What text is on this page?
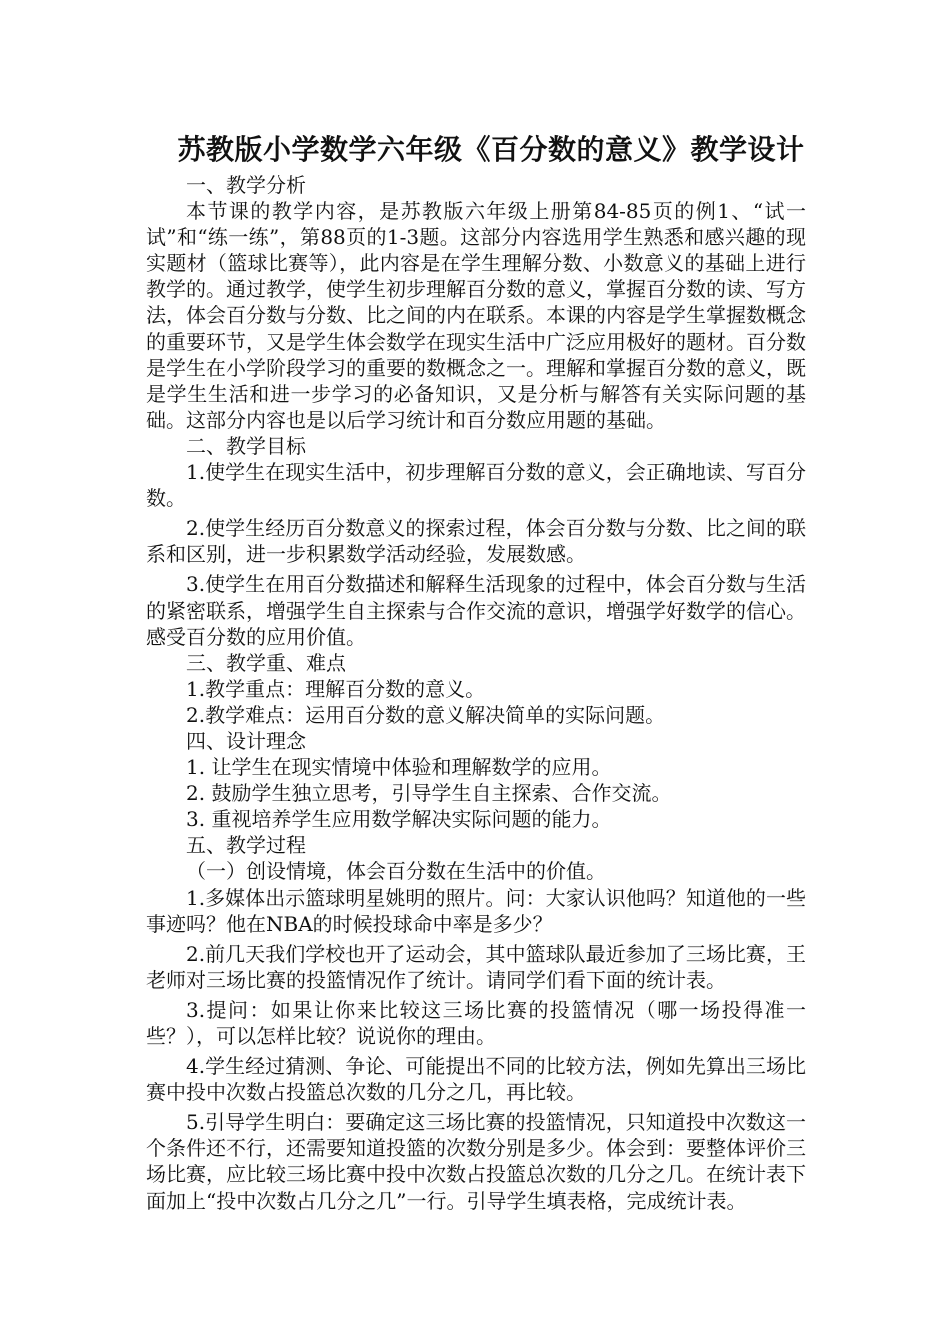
苏教版小学数学六年级《百分数的意义》教学设计

一、教学分析

本节课的教学内容，是苏教版六年级上册第84-85页的例1、“试一试”和“练一练”，第88页的1-3题。这部分内容选用学生熟悉和感兴趣的现实题材（篮球比赛等），此内容是在学生理解分数、小数意义的基础上进行教学的。通过教学，使学生初步理解百分数的意义，掌握百分数的读、写方法，体会百分数与分数、比之间的内在联系。本课的内容是学生掌握数概念的重要环节，又是学生体会数学在现实生活中广泛应用极好的题材。百分数是学生在小学阶段学习的重要的数概念之一。理解和掌握百分数的意义，既是学生生活和进一步学习的必备知识，又是分析与解答有关实际问题的基础。这部分内容也是以后学习统计和百分数应用题的基础。

二、教学目标

1.使学生在现实生活中，初步理解百分数的意义，会正确地读、写百分数。

2.使学生经历百分数意义的探索过程，体会百分数与分数、比之间的联系和区别，进一步积累数学活动经验，发展数感。

3.使学生在用百分数描述和解释生活现象的过程中，体会百分数与生活的紧密联系，增强学生自主探索与合作交流的意识，增强学好数学的信心。感受百分数的应用价值。

三、教学重、难点

1.教学重点：理解百分数的意义。

2.教学难点：运用百分数的意义解决简单的实际问题。

四、设计理念

1. 让学生在现实情境中体验和理解数学的应用。

2. 鼓励学生独立思考，引导学生自主探索、合作交流。

3. 重视培养学生应用数学解决实际问题的能力。

五、教学过程

（一）创设情境，体会百分数在生活中的价值。

1.多媒体出示篮球明星姚明的照片。问：大家认识他吗？知道他的一些事迹吗？他在NBA的时候投球命中率是多少？

2.前几天我们学校也开了运动会，其中篮球队最近参加了三场比赛，王老师对三场比赛的投篮情况作了统计。请同学们看下面的统计表。

3.提问：如果让你来比较这三场比赛的投篮情况（哪一场投得准一些？），可以怎样比较？说说你的理由。

4.学生经过猜测、争论、可能提出不同的比较方法，例如先算出三场比赛中投中次数占投篮总次数的几分之几，再比较。

5.引导学生明白：要确定这三场比赛的投篮情况，只知道投中次数这一个条件还不行，还需要知道投篮的次数分别是多少。体会到：要整体评价三场比赛，应比较三场比赛中投中次数占投篮总次数的几分之几。在统计表下面加上“投中次数占几分之几”一行。引导学生填表格，完成统计表。
